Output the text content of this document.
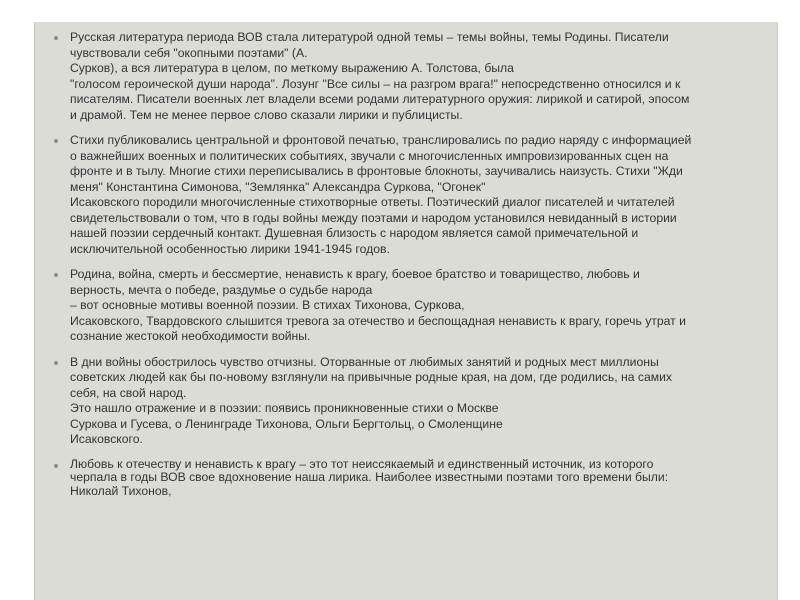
Русская литература периода ВОВ стала литературой одной темы – темы войны, темы Родины. Писатели
чувствовали себя "окопными поэтами" (А.
Сурков), а вся литература в целом, по меткому выражению А. Толстова, была
"голосом героической души народа". Лозунг "Все силы – на разгром врага!" непосредственно относился и к
писателям. Писатели военных лет владели всеми родами литературного оружия: лирикой и сатирой, эпосом
и драмой. Тем не менее первое слово сказали лирики и публицисты.
Стихи публиковались центральной и фронтовой печатью, транслировались по радио наряду с информацией
о важнейших военных и политических событиях, звучали с многочисленных импровизированных сцен на
фронте и в тылу. Многие стихи переписывались в фронтовые блокноты, заучивались наизусть. Стихи "Жди
меня" Константина Симонова, "Землянка" Александра Суркова, "Огонек"
Исаковского породили многочисленные стихотворные ответы. Поэтический диалог писателей и читателей
свидетельствовали о том, что в годы войны между поэтами и народом установился невиданный в истории
нашей поэзии сердечный контакт. Душевная близость с народом является самой примечательной и
исключительной особенностью лирики 1941-1945 годов.
Родина, война, смерть и бессмертие, ненависть к врагу, боевое братство и товарищество, любовь и
верность, мечта о победе, раздумье о судьбе народа
– вот основные мотивы военной поэзии. В стихах Тихонова, Суркова,
Исаковского, Твардовского слышится тревога за отечество и беспощадная ненависть к врагу, горечь утрат и
сознание жестокой необходимости войны.
В дни войны обострилось чувство отчизны. Оторванные от любимых занятий и родных мест миллионы
советских людей как бы по-новому взглянули на привычные родные края, на дом, где родились, на самих
себя, на свой народ.
Это нашло отражение и в поэзии: появись проникновенные стихи о Москве
Суркова и Гусева, о Ленинграде Тихонова, Ольги Бергтольц, о Смоленщине
Исаковского.
Любовь к отечеству и ненависть к врагу – это тот неиссякаемый и единственный источник, из которого
черпала в годы ВОВ свое вдохновение наша лирика. Наиболее известными поэтами того времени были:
Николай Тихонов,
